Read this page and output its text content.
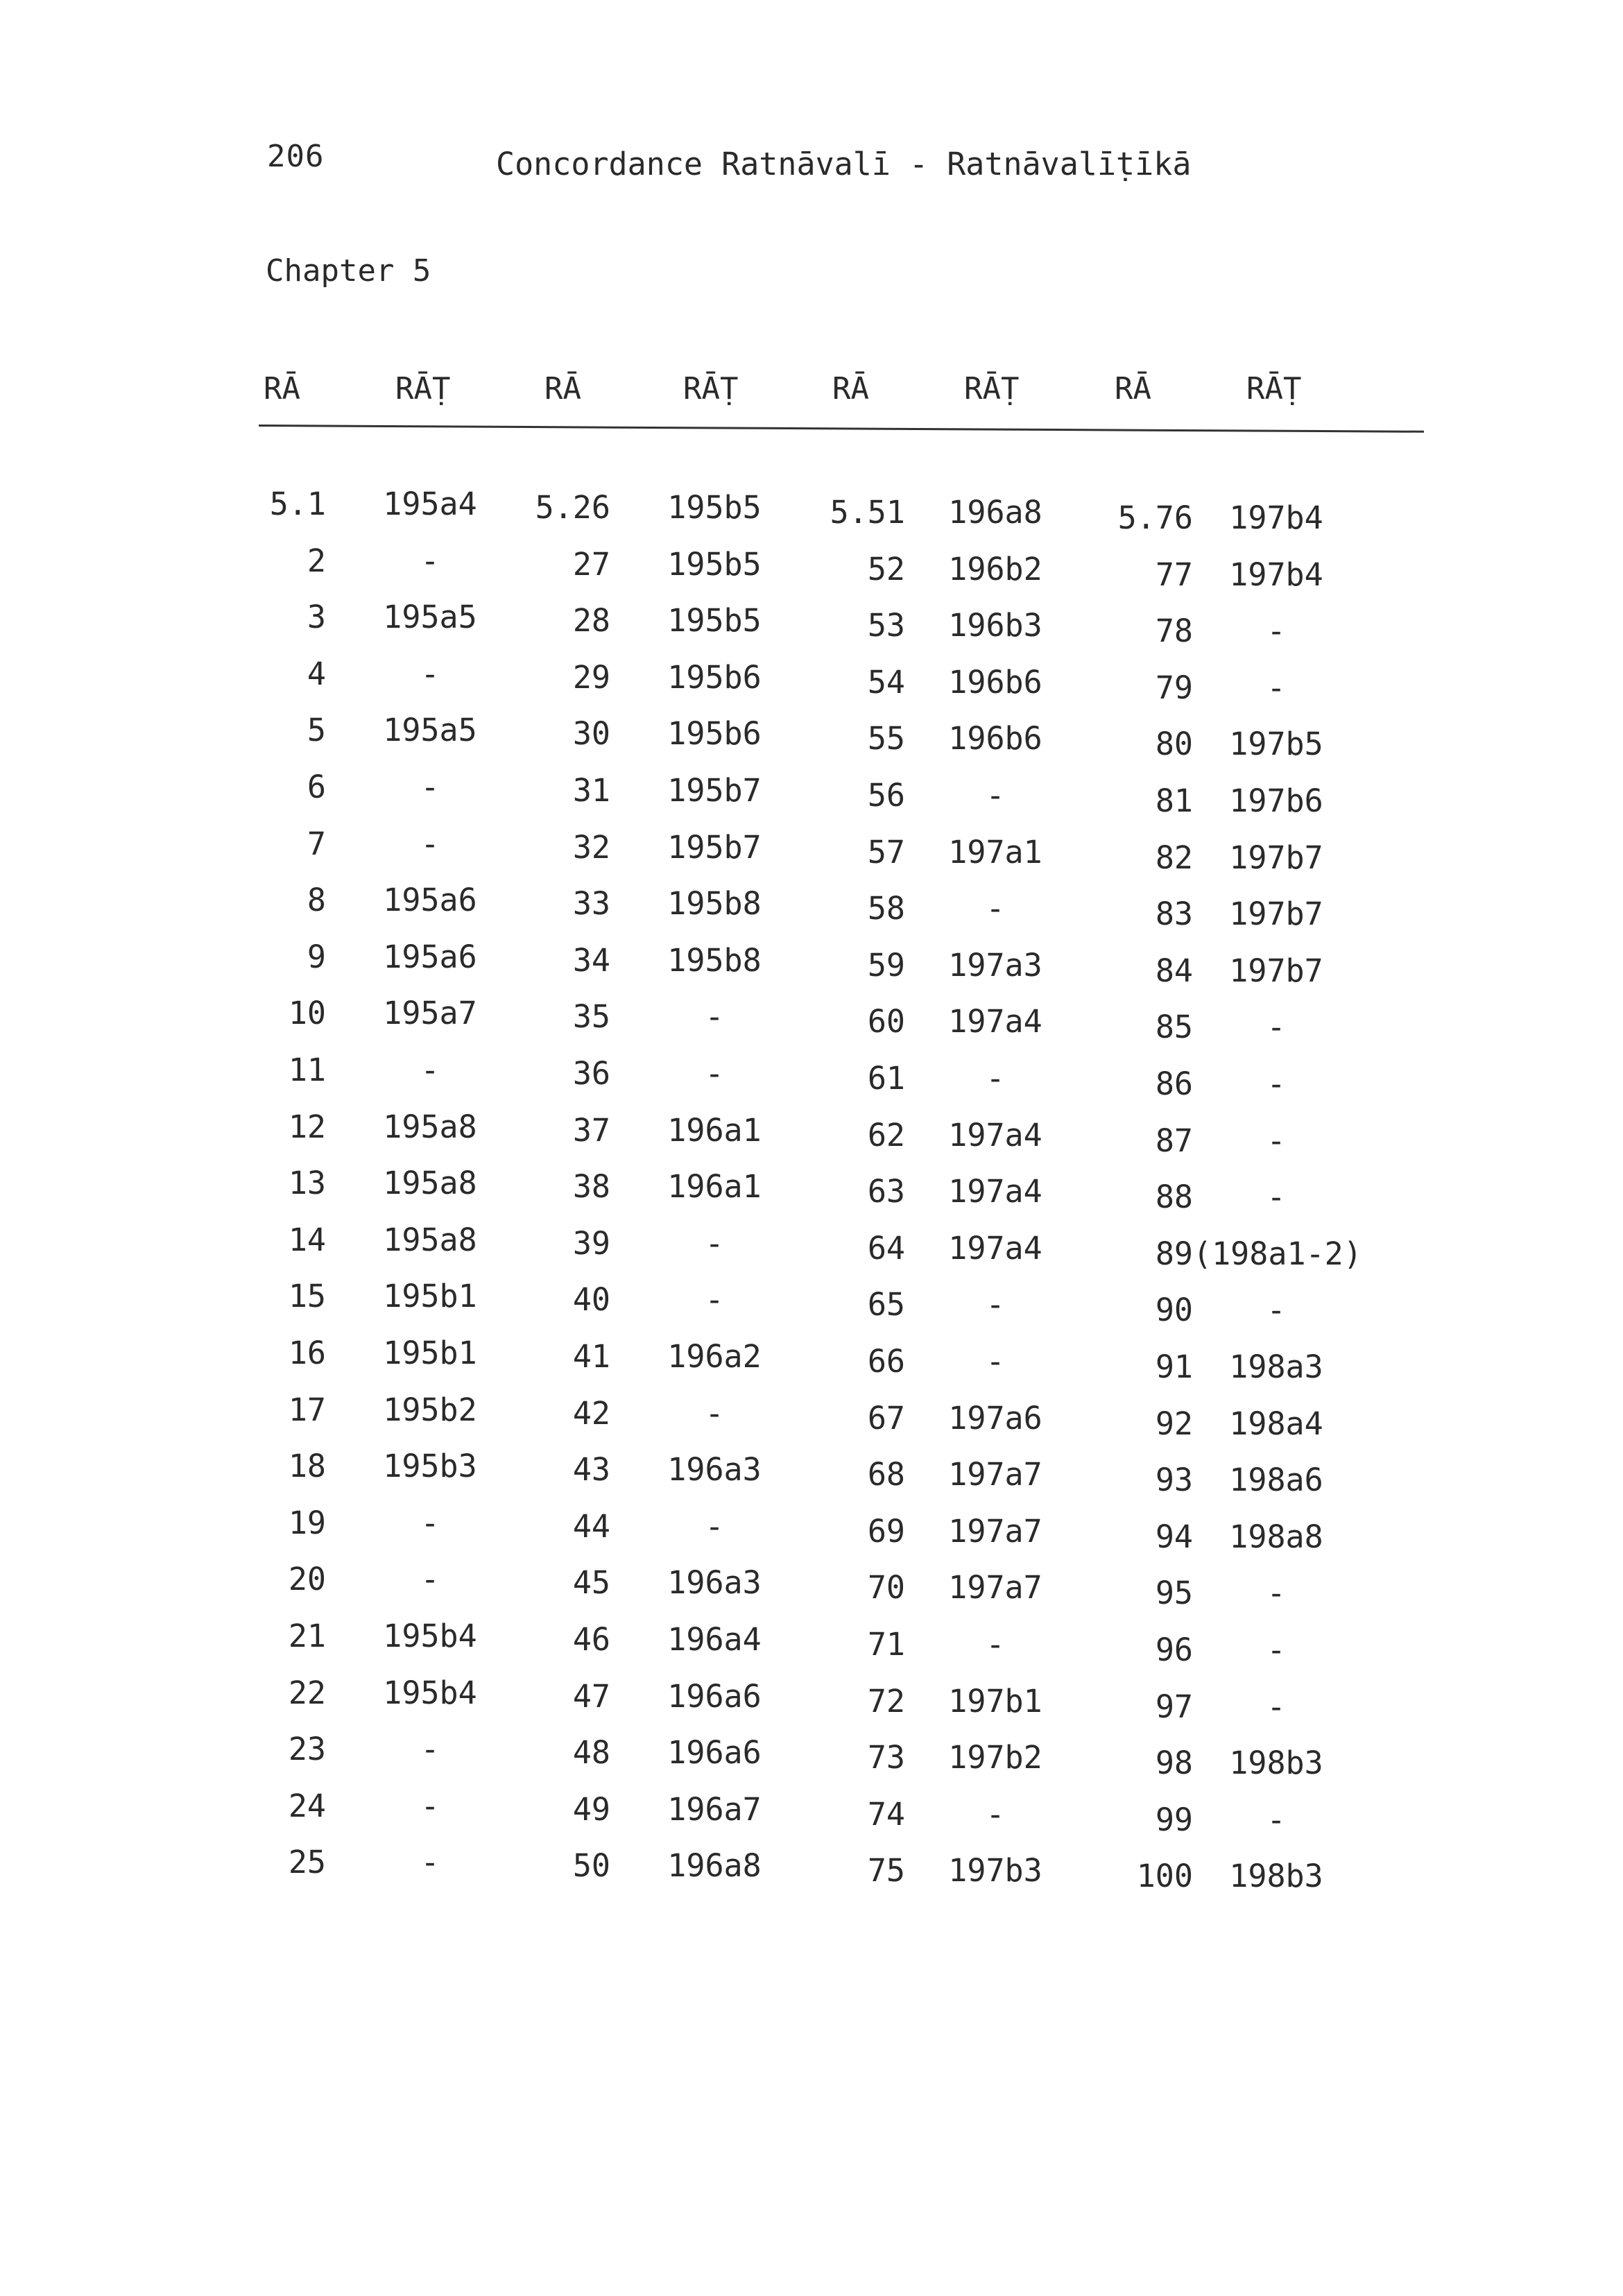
206	Concordance Ratnāvalī - Ratnāvalīṭīkā
Chapter 5
RĀ	RĀṬ	RĀ	RĀṬ	RĀ	RĀṬ	RĀ	RĀṬ
5.1	195a4	5.26	195b5	5.51	196a8	5.76	197b4
2	-	27	195b5	52	196b2	77	197b4
3	195a5	28	195b5	53	196b3	78	-
4	-	29	195b6	54	196b6	79	-
5	195a5	30	195b6	55	196b6	80	197b5
6	-	31	195b7	56	-	81	197b6
7	-	32	195b7	57	197a1	82	197b7
8	195a6	33	195b8	58	-	83	197b7
9	195a6	34	195b8	59	197a3	84	197b7
10	195a7	35	-	60	197a4	85	-
11	-	36	-	61	-	86	-
12	195a8	37	196a1	62	197a4	87	-
13	195a8	38	196a1	63	197a4	88	-
14	195a8	39	-	64	197a4	89 (198a1-2)
15	195b1	40	-	65	-	90	-
16	195b1	41	196a2	66	-	91	198a3
17	195b2	42	-	67	197a6	92	198a4
18	195b3	43	196a3	68	197a7	93	198a6
19	-	44	-	69	197a7	94	198a8
20	-	45	196a3	70	197a7	95	-
21	195b4	46	196a4	71	-	96	-
22	195b4	47	196a6	72	197b1	97	-
23	-	48	196a6	73	197b2	98	198b3
24	-	49	196a7	74	-	99	-
25	-	50	196a8	75	197b3	100	198b3
